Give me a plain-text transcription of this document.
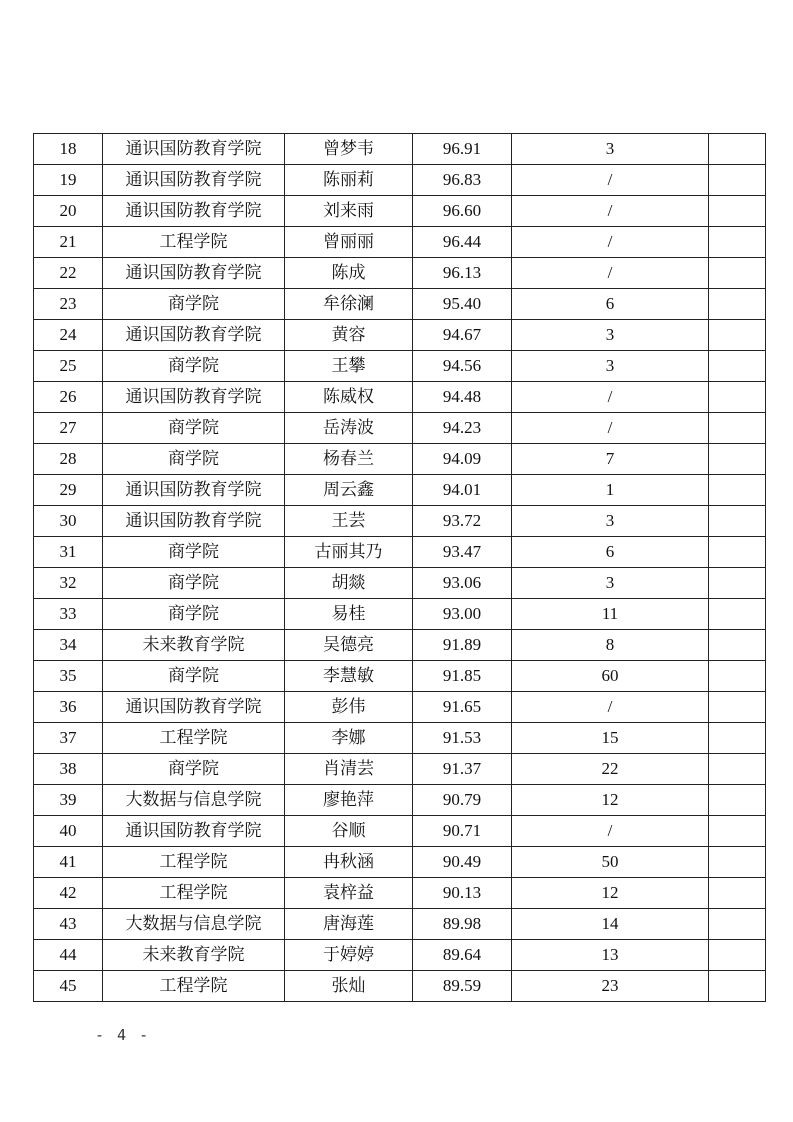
18	通识国防教育学院	曾梦韦	96.91	3	
19	通识国防教育学院	陈丽莉	96.83	/	
20	通识国防教育学院	刘来雨	96.60	/	
21	工程学院	曾丽丽	96.44	/	
22	通识国防教育学院	陈成	96.13	/	
23	商学院	牟徐澜	95.40	6	
24	通识国防教育学院	黄容	94.67	3	
25	商学院	王攀	94.56	3	
26	通识国防教育学院	陈威权	94.48	/	
27	商学院	岳涛波	94.23	/	
28	商学院	杨春兰	94.09	7	
29	通识国防教育学院	周云鑫	94.01	1	
30	通识国防教育学院	王芸	93.72	3	
31	商学院	古丽其乃	93.47	6	
32	商学院	胡燚	93.06	3	
33	商学院	易桂	93.00	11	
34	未来教育学院	吴德亮	91.89	8	
35	商学院	李慧敏	91.85	60	
36	通识国防教育学院	彭伟	91.65	/	
37	工程学院	李娜	91.53	15	
38	商学院	肖清芸	91.37	22	
39	大数据与信息学院	廖艳萍	90.79	12	
40	通识国防教育学院	谷顺	90.71	/	
41	工程学院	冉秋涵	90.49	50	
42	工程学院	袁梓益	90.13	12	
43	大数据与信息学院	唐海莲	89.98	14	
44	未来教育学院	于婷婷	89.64	13	
45	工程学院	张灿	89.59	23	
- 4 -
